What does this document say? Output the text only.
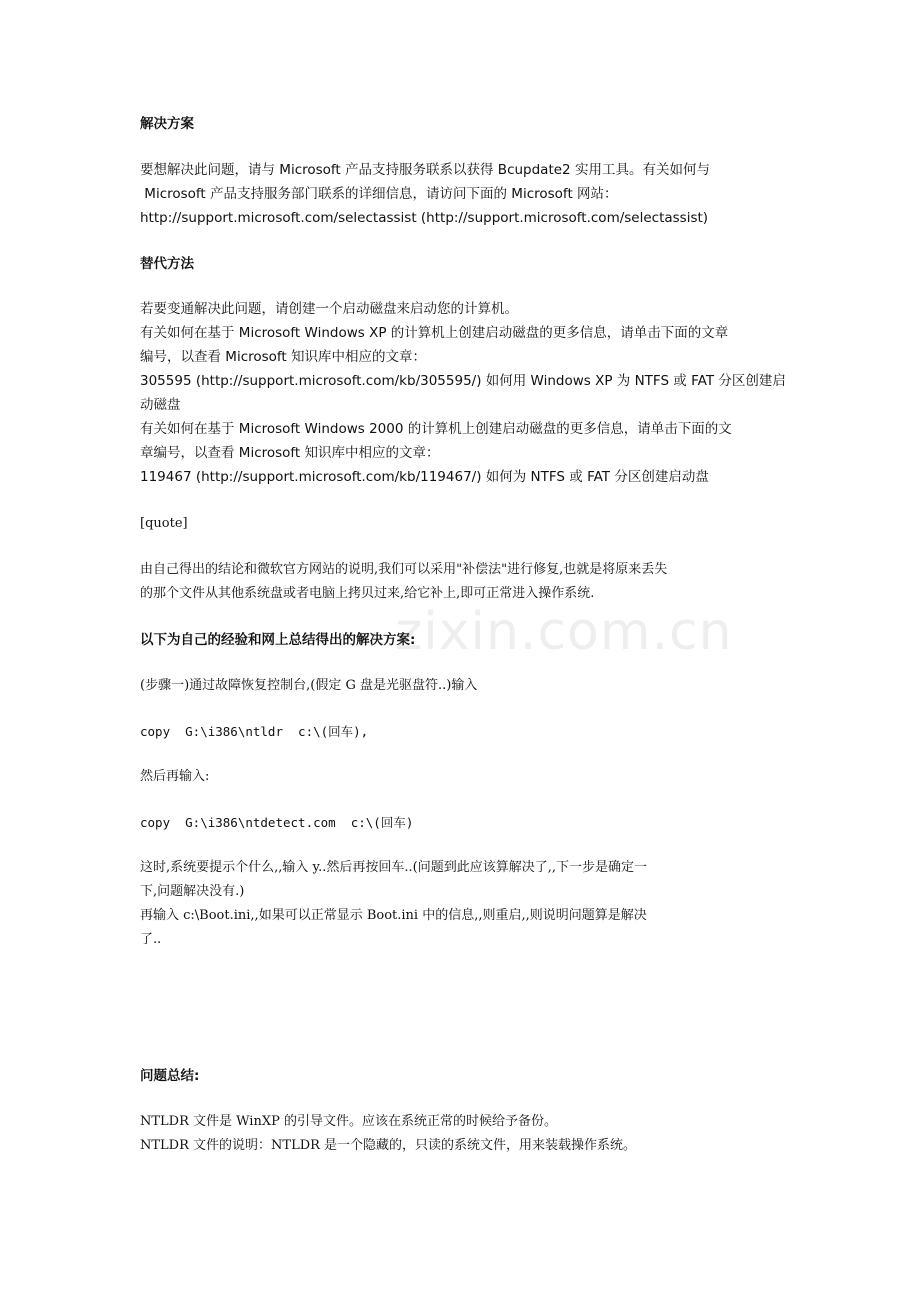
解决方案
要想解决此问题，请与 Microsoft 产品支持服务联系以获得 Bcupdate2 实用工具。有关如何与
Microsoft 产品支持服务部门联系的详细信息，请访问下面的 Microsoft 网站：
http://support.microsoft.com/selectassist (http://support.microsoft.com/selectassist)
替代方法
若要变通解决此问题，请创建一个启动磁盘来启动您的计算机。
有关如何在基于 Microsoft Windows XP 的计算机上创建启动磁盘的更多信息，请单击下面的文章
编号，以查看 Microsoft 知识库中相应的文章：
305595 (http://support.microsoft.com/kb/305595/) 如何用 Windows XP 为 NTFS 或 FAT 分区创建启
动磁盘
有关如何在基于 Microsoft Windows 2000 的计算机上创建启动磁盘的更多信息，请单击下面的文
章编号，以查看 Microsoft 知识库中相应的文章：
119467 (http://support.microsoft.com/kb/119467/) 如何为 NTFS 或 FAT 分区创建启动盘
[quote]
由自己得出的结论和微软官方网站的说明,我们可以采用"补偿法"进行修复,也就是将原来丢失
的那个文件从其他系统盘或者电脑上拷贝过来,给它补上,即可正常进入操作系统.
以下为自己的经验和网上总结得出的解决方案:
(步骤一)通过故障恢复控制台,(假定 G 盘是光驱盘符..)输入
copy  G:\i386\ntldr  c:\(回车),
然后再输入:
copy  G:\i386\ntdetect.com  c:\(回车)
这时,系统要提示个什么,,输入 y..然后再按回车..(问题到此应该算解决了,,下一步是确定一
下,问题解决没有.)
再输入 c:\Boot.ini,,如果可以正常显示 Boot.ini 中的信息,,则重启,,则说明问题算是解决
了..
问题总结:
NTLDR 文件是 WinXP 的引导文件。应该在系统正常的时候给予备份。
NTLDR 文件的说明：NTLDR 是一个隐藏的，只读的系统文件，用来装载操作系统。
zixin.com.cn
